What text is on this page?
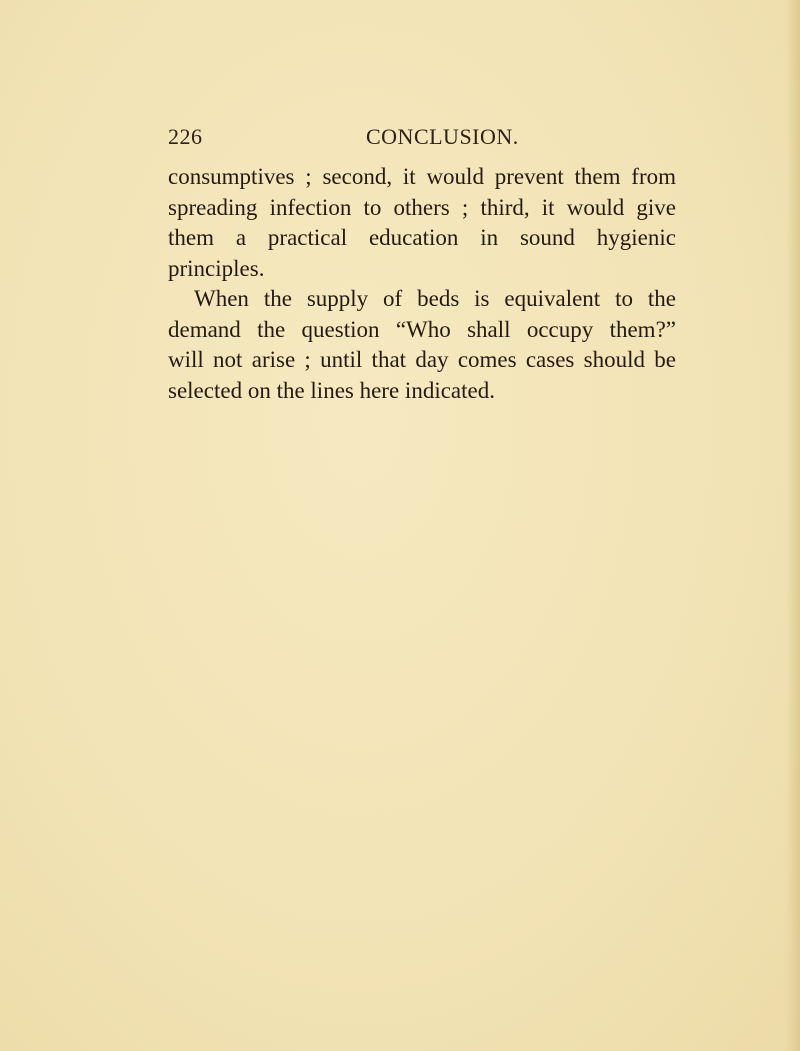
226	CONCLUSION.
consumptives ; second, it would prevent them from
spreading infection to others ; third, it would give
them a practical education in sound hygienic
principles.
When the supply of beds is equivalent to the
demand the question “Who shall occupy them?”
will not arise ; until that day comes cases should be
selected on the lines here indicated.
